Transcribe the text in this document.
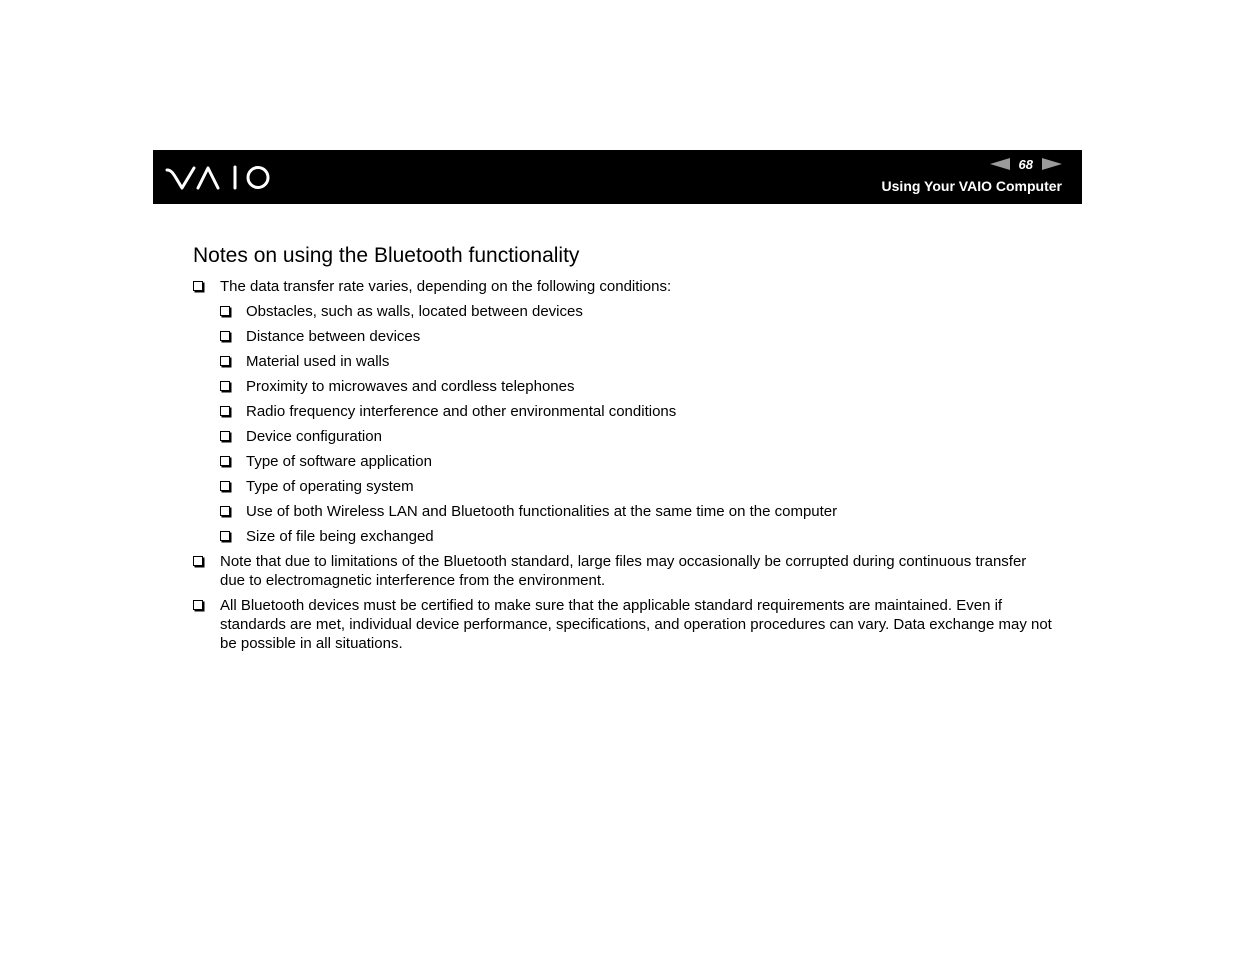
68
Using Your VAIO Computer
Notes on using the Bluetooth functionality
The data transfer rate varies, depending on the following conditions:
Obstacles, such as walls, located between devices
Distance between devices
Material used in walls
Proximity to microwaves and cordless telephones
Radio frequency interference and other environmental conditions
Device configuration
Type of software application
Type of operating system
Use of both Wireless LAN and Bluetooth functionalities at the same time on the computer
Size of file being exchanged
Note that due to limitations of the Bluetooth standard, large files may occasionally be corrupted during continuous transfer due to electromagnetic interference from the environment.
All Bluetooth devices must be certified to make sure that the applicable standard requirements are maintained. Even if standards are met, individual device performance, specifications, and operation procedures can vary. Data exchange may not be possible in all situations.
